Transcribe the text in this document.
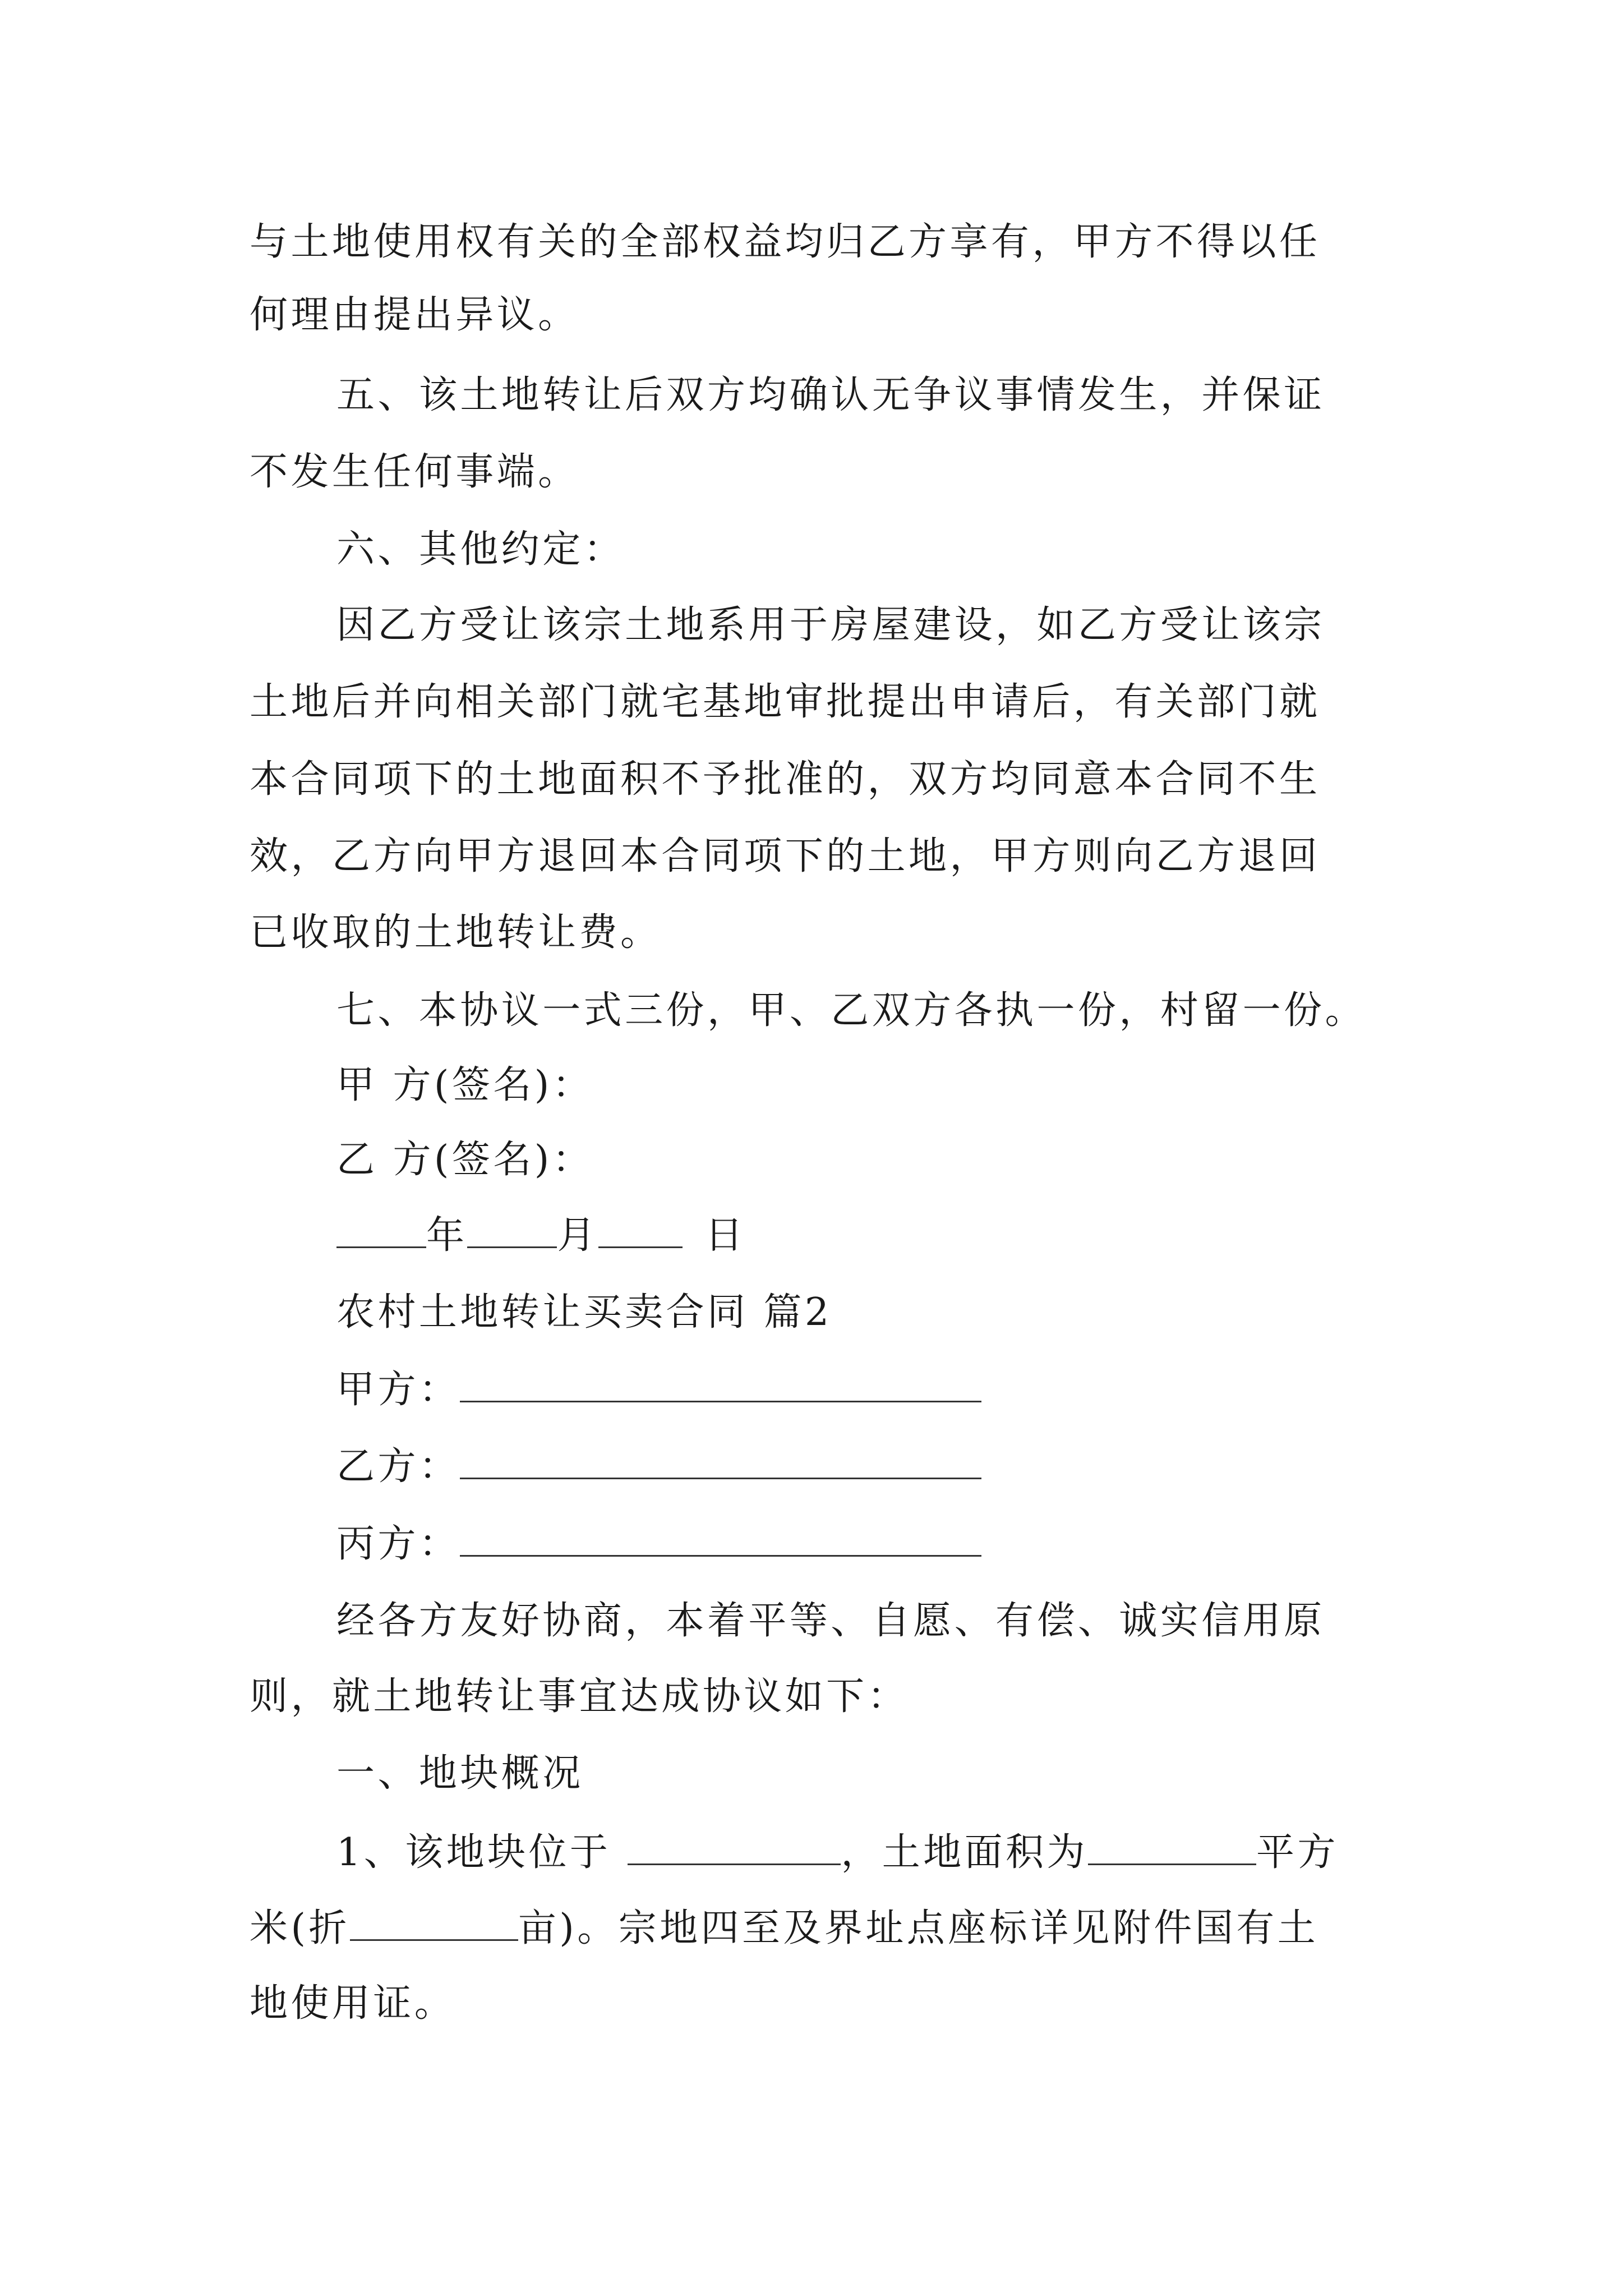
与土地使用权有关的全部权益均归乙方享有，甲方不得以任
何理由提出异议。
五、该土地转让后双方均确认无争议事情发生，并保证
不发生任何事端。
六、其他约定：
因乙方受让该宗土地系用于房屋建设，如乙方受让该宗
土地后并向相关部门就宅基地审批提出申请后，有关部门就
本合同项下的土地面积不予批准的，双方均同意本合同不生
效，乙方向甲方退回本合同项下的土地，甲方则向乙方退回
已收取的土地转让费。
七、本协议一式三份，甲、乙双方各执一份，村留一份。
甲 方(签名)：
乙 方(签名)：
年 月	日
农村土地转让买卖合同 篇2
甲方：
乙方：
丙方：
经各方友好协商，本着平等、自愿、有偿、诚实信用原
则，就土地转让事宜达成协议如下：
一、地块概况
1、该地块位于	，土地面积为	平方
米(折	亩)。宗地四至及界址点座标详见附件国有土
地使用证。
